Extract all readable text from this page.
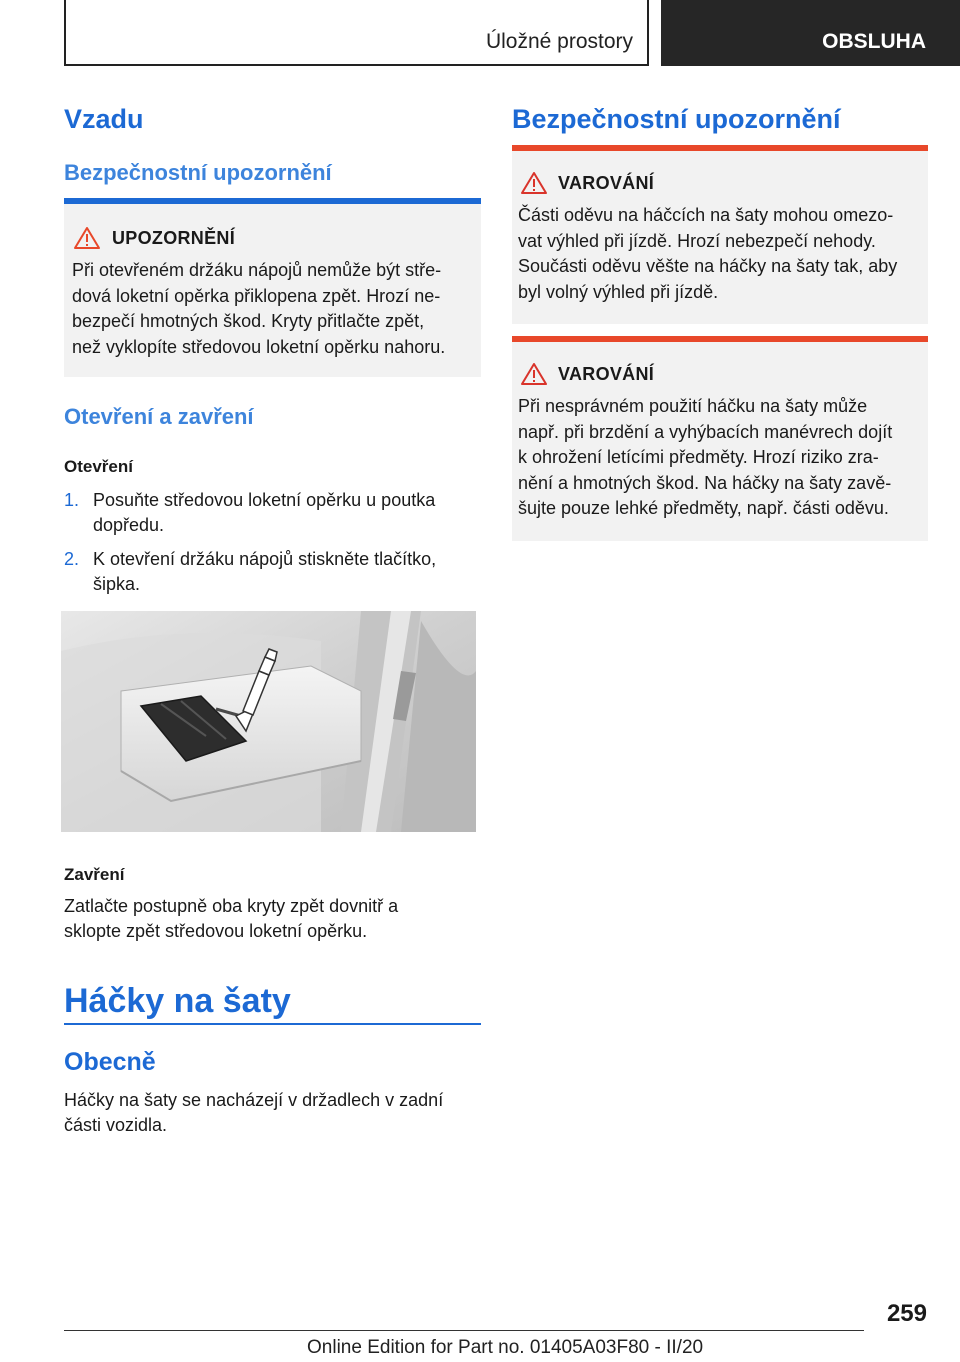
Úložné prostory	OBSLUHA
Vzadu
Bezpečnostní upozornění
UPOZORNĚNÍ
Při otevřeném držáku nápojů nemůže být stře-
dová loketní opěrka přiklopena zpět. Hrozí ne-
bezpečí hmotných škod. Kryty přitlačte zpět,
než vyklopíte středovou loketní opěrku nahoru.
Otevření a zavření
Otevření
1. Posuňte středovou loketní opěrku u poutka
dopředu.
2. K otevření držáku nápojů stiskněte tlačítko,
šipka.
Zavření
Zatlačte postupně oba kryty zpět dovnitř a
sklopte zpět středovou loketní opěrku.
Háčky na šaty
Obecně
Háčky na šaty se nacházejí v držadlech v zadní
části vozidla.
Bezpečnostní upozornění
VAROVÁNÍ
Části oděvu na háčcích na šaty mohou omezo-
vat výhled při jízdě. Hrozí nebezpečí nehody.
Součásti oděvu věšte na háčky na šaty tak, aby
byl volný výhled při jízdě.
VAROVÁNÍ
Při nesprávném použití háčku na šaty může
např. při brzdění a vyhýbacích manévrech dojít
k ohrožení letícími předměty. Hrozí riziko zra-
nění a hmotných škod. Na háčky na šaty zavě-
šujte pouze lehké předměty, např. části oděvu.
259
Online Edition for Part no. 01405A03F80 - II/20
